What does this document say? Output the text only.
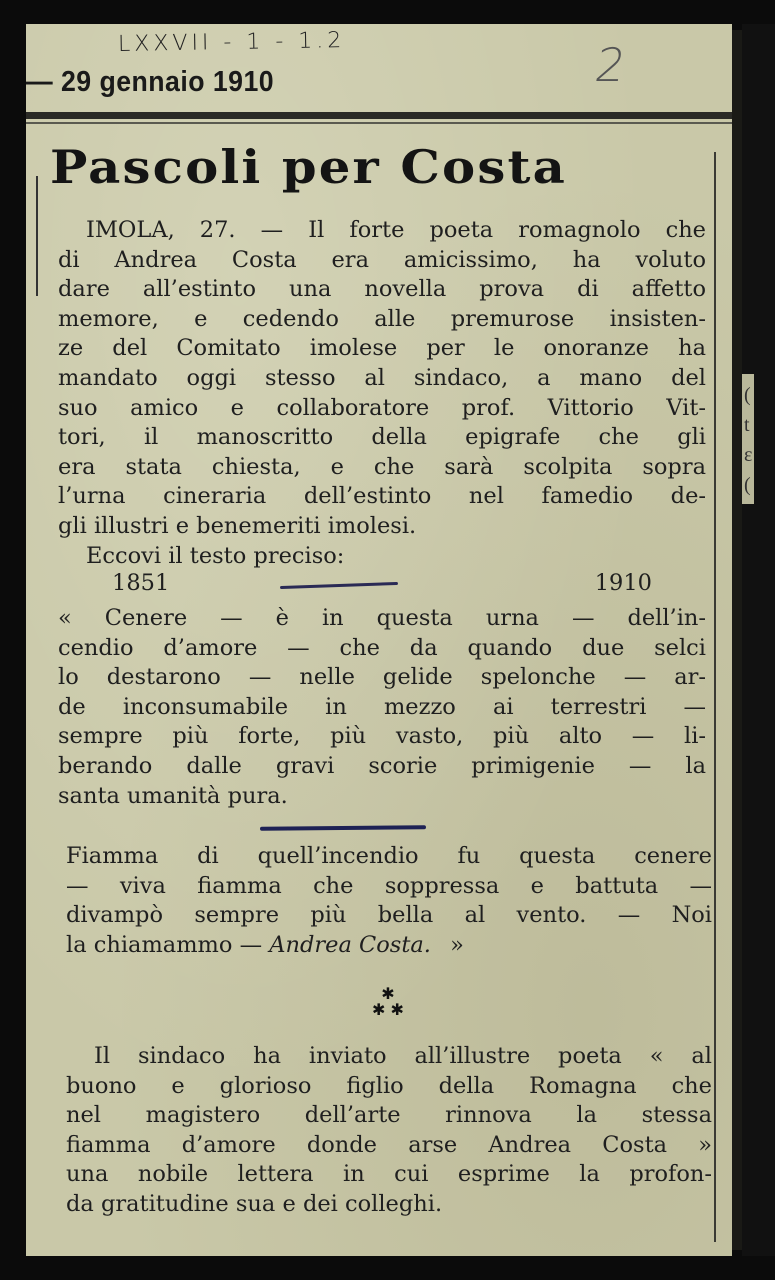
(
t
ε
(
LXXVII - 1 - 1.2	2
— 29 gennaio 1910
Pascoli per Costa
IMOLA, 27. — Il forte poeta romagnolo che
di Andrea Costa era amicissimo, ha voluto
dare all’estinto una novella prova di affetto
memore, e cedendo alle premurose insisten-
ze del Comitato imolese per le onoranze ha
mandato oggi stesso al sindaco, a mano del
suo amico e collaboratore prof. Vittorio Vit-
tori, il manoscritto della epigrafe che gli
era stata chiesta, e che sarà scolpita sopra
l’urna cineraria dell’estinto nel famedio de-
gli illustri e benemeriti imolesi.
Eccovi il testo preciso:
1851	1910
« Cenere — è in questa urna — dell’in-
cendio d’amore — che da quando due selci
lo destarono — nelle gelide spelonche — ar-
de inconsumabile in mezzo ai terrestri —
sempre più forte, più vasto, più alto — li-
berando dalle gravi scorie primigenie — la
santa umanità pura.
Fiamma di quell’incendio fu questa cenere
— viva fiamma che soppressa e battuta —
divampò sempre più bella al vento. — Noi
la chiamammo — Andrea Costa. »
✱
✱ ✱
Il sindaco ha inviato all’illustre poeta « al
buono e glorioso figlio della Romagna che
nel magistero dell’arte rinnova la stessa
fiamma d’amore donde arse Andrea Costa »
una nobile lettera in cui esprime la profon-
da gratitudine sua e dei colleghi.
